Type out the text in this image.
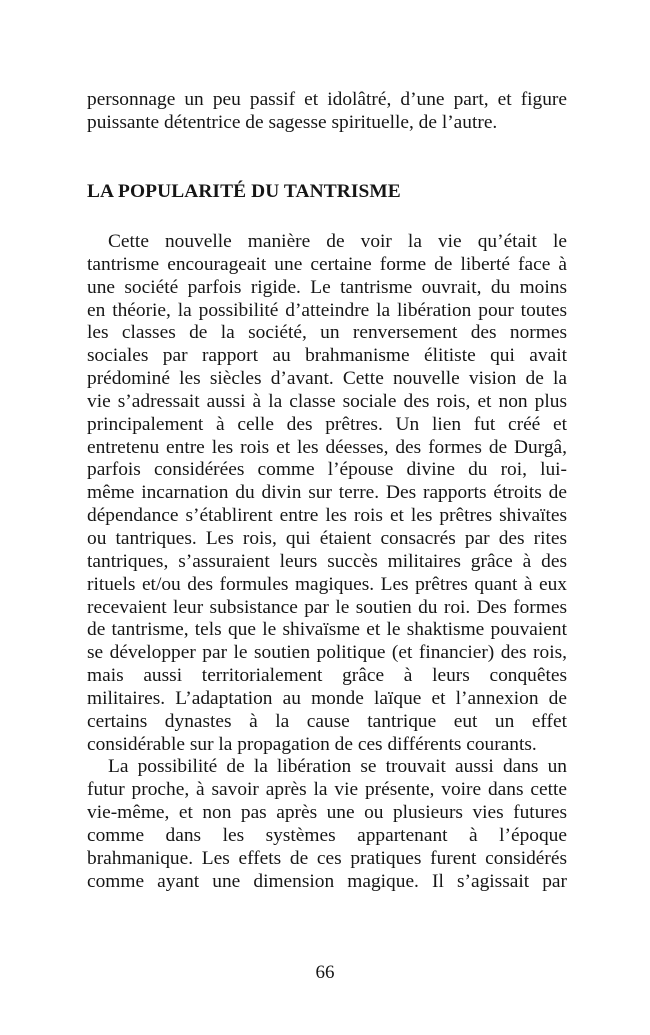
personnage un peu passif et idolâtré, d’une part, et figure
puissante détentrice de sagesse spirituelle, de l’autre.
LA POPULARITÉ DU TANTRISME
Cette nouvelle manière de voir la vie qu’était le
tantrisme encourageait une certaine forme de liberté face à
une société parfois rigide. Le tantrisme ouvrait, du moins
en théorie, la possibilité d’atteindre la libération pour toutes
les classes de la société, un renversement des normes
sociales par rapport au brahmanisme élitiste qui avait
prédominé les siècles d’avant. Cette nouvelle vision de la
vie s’adressait aussi à la classe sociale des rois, et non plus
principalement à celle des prêtres. Un lien fut créé et
entretenu entre les rois et les déesses, des formes de Durgâ,
parfois considérées comme l’épouse divine du roi, lui-
même incarnation du divin sur terre. Des rapports étroits de
dépendance s’établirent entre les rois et les prêtres shivaïtes
ou tantriques. Les rois, qui étaient consacrés par des rites
tantriques, s’assuraient leurs succès militaires grâce à des
rituels et/ou des formules magiques. Les prêtres quant à eux
recevaient leur subsistance par le soutien du roi. Des formes
de tantrisme, tels que le shivaïsme et le shaktisme pouvaient
se développer par le soutien politique (et financier) des rois,
mais aussi territorialement grâce à leurs conquêtes
militaires. L’adaptation au monde laïque et l’annexion de
certains dynastes à la cause tantrique eut un effet
considérable sur la propagation de ces différents courants.
La possibilité de la libération se trouvait aussi dans un
futur proche, à savoir après la vie présente, voire dans cette
vie-même, et non pas après une ou plusieurs vies futures
comme dans les systèmes appartenant à l’époque
brahmanique. Les effets de ces pratiques furent considérés
comme ayant une dimension magique. Il s’agissait par
66
